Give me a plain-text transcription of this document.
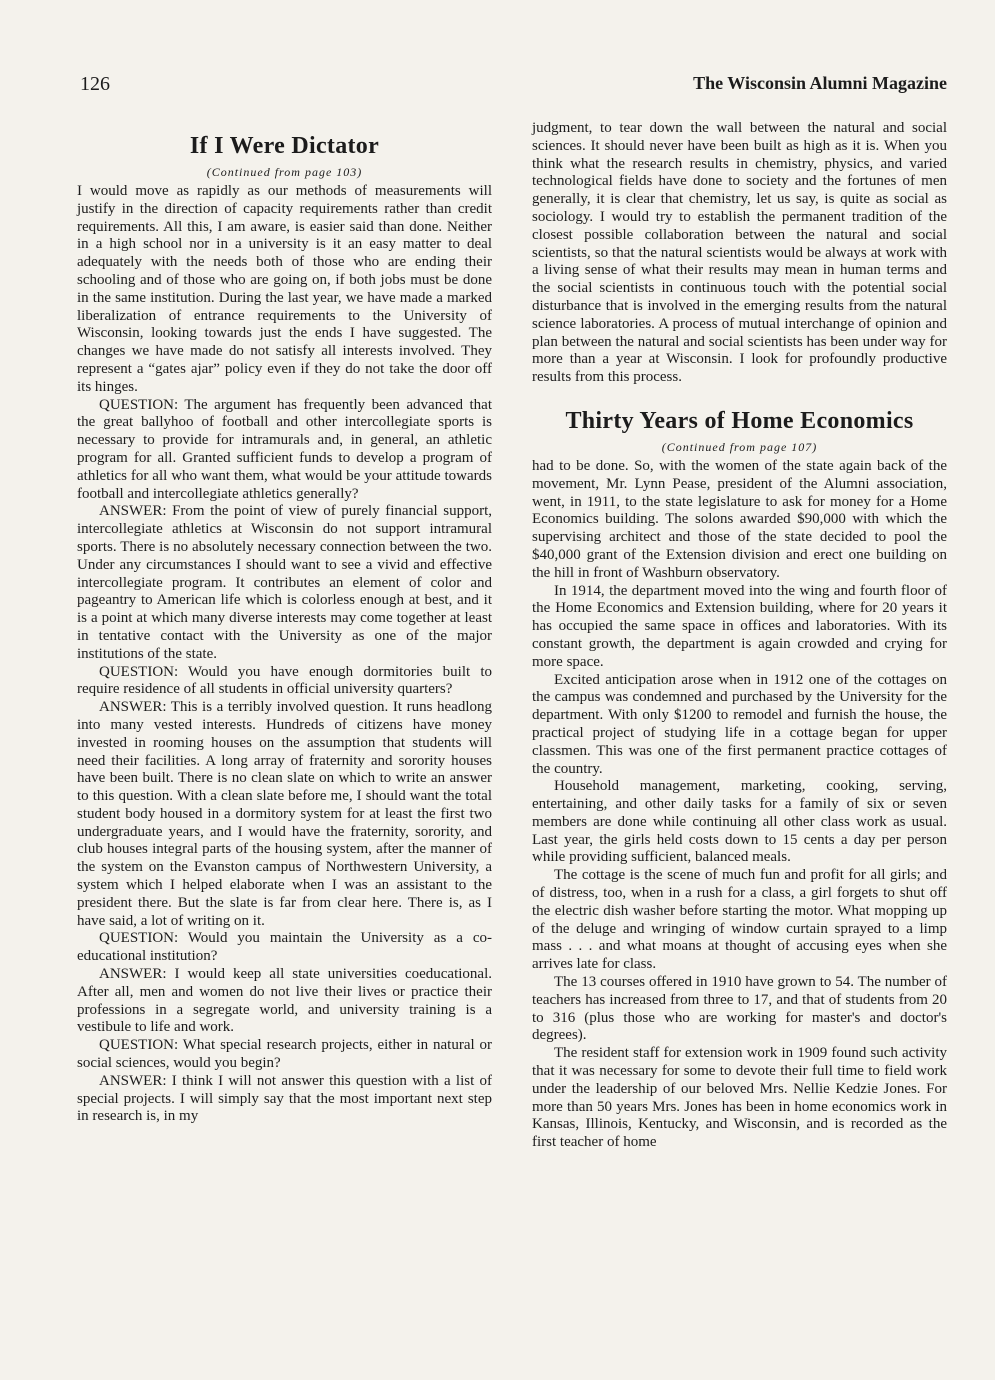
126	The Wisconsin Alumni Magazine
If I Were Dictator
(Continued from page 103)

I would move as rapidly as our methods of measurements will justify in the direction of capacity requirements rather than credit requirements. All this, I am aware, is easier said than done. Neither in a high school nor in a university is it an easy matter to deal adequately with the needs both of those who are ending their schooling and of those who are going on, if both jobs must be done in the same institution. During the last year, we have made a marked liberalization of entrance requirements to the University of Wisconsin, looking towards just the ends I have suggested. The changes we have made do not satisfy all interests involved. They represent a “gates ajar” policy even if they do not take the door off its hinges.

QUESTION: The argument has frequently been advanced that the great ballyhoo of football and other intercollegiate sports is necessary to provide for intramurals and, in general, an athletic program for all. Granted sufficient funds to develop a program of athletics for all who want them, what would be your attitude towards football and intercollegiate athletics generally?

ANSWER: From the point of view of purely financial support, intercollegiate athletics at Wisconsin do not support intramural sports. There is no absolutely necessary connection between the two. Under any circumstances I should want to see a vivid and effective intercollegiate program. It contributes an element of color and pageantry to American life which is colorless enough at best, and it is a point at which many diverse interests may come together at least in tentative contact with the University as one of the major institutions of the state.

QUESTION: Would you have enough dormitories built to require residence of all students in official university quarters?

ANSWER: This is a terribly involved question. It runs headlong into many vested interests. Hundreds of citizens have money invested in rooming houses on the assumption that students will need their facilities. A long array of fraternity and sorority houses have been built. There is no clean slate on which to write an answer to this question. With a clean slate before me, I should want the total student body housed in a dormitory system for at least the first two undergraduate years, and I would have the fraternity, sorority, and club houses integral parts of the housing system, after the manner of the system on the Evanston campus of Northwestern University, a system which I helped elaborate when I was an assistant to the president there. But the slate is far from clear here. There is, as I have said, a lot of writing on it.

QUESTION: Would you maintain the University as a co-educational institution?

ANSWER: I would keep all state universities coeducational. After all, men and women do not live their lives or practice their professions in a segregate world, and university training is a vestibule to life and work.

QUESTION: What special research projects, either in natural or social sciences, would you begin?

ANSWER: I think I will not answer this question with a list of special projects. I will simply say that the most important next step in research is, in my

judgment, to tear down the wall between the natural and social sciences. It should never have been built as high as it is. When you think what the research results in chemistry, physics, and varied technological fields have done to society and the fortunes of men generally, it is clear that chemistry, let us say, is quite as social as sociology. I would try to establish the permanent tradition of the closest possible collaboration between the natural and social scientists, so that the natural scientists would be always at work with a living sense of what their results may mean in human terms and the social scientists in continuous touch with the potential social disturbance that is involved in the emerging results from the natural science laboratories. A process of mutual interchange of opinion and plan between the natural and social scientists has been under way for more than a year at Wisconsin. I look for profoundly productive results from this process.

Thirty Years of Home Economics
(Continued from page 107)

had to be done. So, with the women of the state again back of the movement, Mr. Lynn Pease, president of the Alumni association, went, in 1911, to the state legislature to ask for money for a Home Economics building. The solons awarded $90,000 with which the supervising architect and those of the state decided to pool the $40,000 grant of the Extension division and erect one building on the hill in front of Washburn observatory.

In 1914, the department moved into the wing and fourth floor of the Home Economics and Extension building, where for 20 years it has occupied the same space in offices and laboratories. With its constant growth, the department is again crowded and crying for more space.

Excited anticipation arose when in 1912 one of the cottages on the campus was condemned and purchased by the University for the department. With only $1200 to remodel and furnish the house, the practical project of studying life in a cottage began for upper classmen. This was one of the first permanent practice cottages of the country.

Household management, marketing, cooking, serving, entertaining, and other daily tasks for a family of six or seven members are done while continuing all other class work as usual. Last year, the girls held costs down to 15 cents a day per person while providing sufficient, balanced meals.

The cottage is the scene of much fun and profit for all girls; and of distress, too, when in a rush for a class, a girl forgets to shut off the electric dish washer before starting the motor. What mopping up of the deluge and wringing of window curtain sprayed to a limp mass . . . and what moans at thought of accusing eyes when she arrives late for class.

The 13 courses offered in 1910 have grown to 54. The number of teachers has increased from three to 17, and that of students from 20 to 316 (plus those who are working for master's and doctor's degrees).

The resident staff for extension work in 1909 found such activity that it was necessary for some to devote their full time to field work under the leadership of our beloved Mrs. Nellie Kedzie Jones. For more than 50 years Mrs. Jones has been in home economics work in Kansas, Illinois, Kentucky, and Wisconsin, and is recorded as the first teacher of home
